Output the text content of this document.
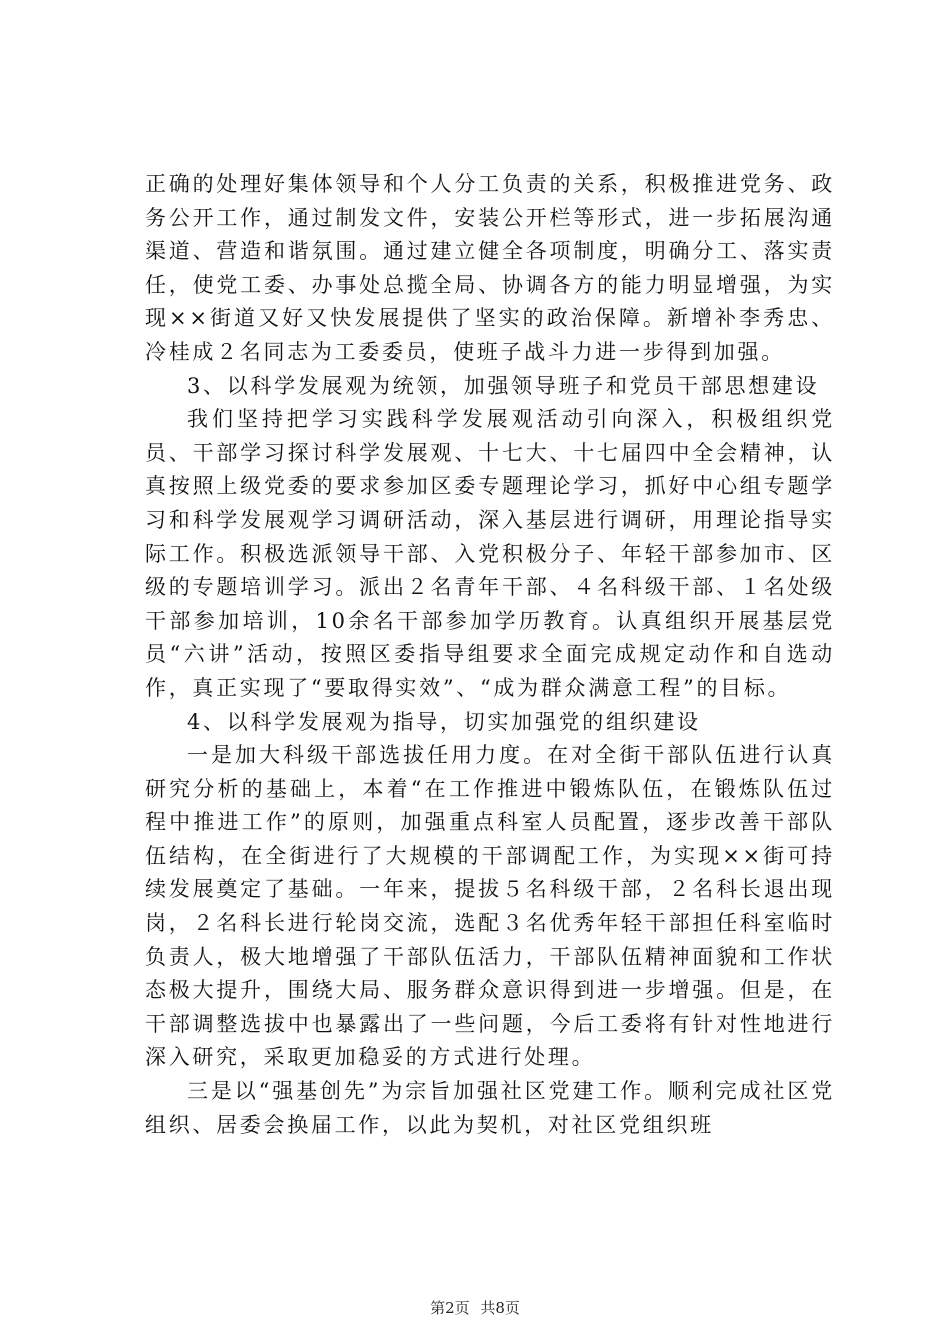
正确的处理好集体领导和个人分工负责的关系，积极推进党务、政务公开工作，通过制发文件，安装公开栏等形式，进一步拓展沟通渠道、营造和谐氛围。通过建立健全各项制度，明确分工、落实责任，使党工委、办事处总揽全局、协调各方的能力明显增强，为实现××街道又好又快发展提供了坚实的政治保障。新增补李秀忠、冷桂成２名同志为工委委员，使班子战斗力进一步得到加强。

3、以科学发展观为统领，加强领导班子和党员干部思想建设

我们坚持把学习实践科学发展观活动引向深入，积极组织党员、干部学习探讨科学发展观、十七大、十七届四中全会精神，认真按照上级党委的要求参加区委专题理论学习，抓好中心组专题学习和科学发展观学习调研活动，深入基层进行调研，用理论指导实际工作。积极选派领导干部、入党积极分子、年轻干部参加市、区级的专题培训学习。派出２名青年干部、４名科级干部、１名处级干部参加培训，10余名干部参加学历教育。认真组织开展基层党员“六讲”活动，按照区委指导组要求全面完成规定动作和自选动作，真正实现了“要取得实效”、“成为群众满意工程”的目标。

4、以科学发展观为指导，切实加强党的组织建设

一是加大科级干部选拔任用力度。在对全街干部队伍进行认真研究分析的基础上，本着“在工作推进中锻炼队伍，在锻炼队伍过程中推进工作”的原则，加强重点科室人员配置，逐步改善干部队伍结构，在全街进行了大规模的干部调配工作，为实现××街可持续发展奠定了基础。一年来，提拔５名科级干部，２名科长退出现岗，２名科长进行轮岗交流，选配３名优秀年轻干部担任科室临时负责人，极大地增强了干部队伍活力，干部队伍精神面貌和工作状态极大提升，围绕大局、服务群众意识得到进一步增强。但是，在干部调整选拔中也暴露出了一些问题，今后工委将有针对性地进行深入研究，采取更加稳妥的方式进行处理。

三是以“强基创先”为宗旨加强社区党建工作。顺利完成社区党组织、居委会换届工作，以此为契机，对社区党组织班

第2页 共8页
